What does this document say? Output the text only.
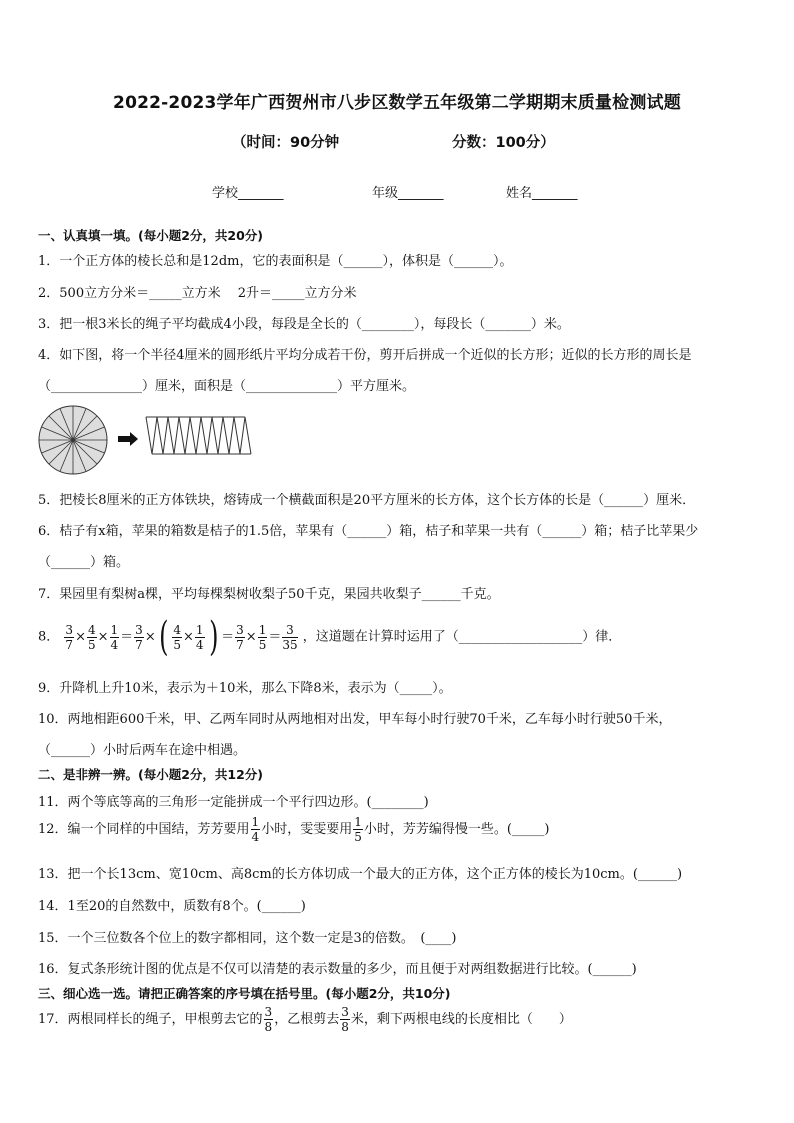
2022-2023学年广西贺州市八步区数学五年级第二学期期末质量检测试题
（时间：90分钟	分数：100分）
学校_______	年级_______	姓名_______
一、认真填一填。(每小题2分，共20分)
1．一个正方体的棱长总和是12dm，它的表面积是（______），体积是（______）。
2．500立方分米＝_____立方米　 2升＝_____立方分米
3．把一根3米长的绳子平均截成4小段，每段是全长的（________），每段长（_______）米。
4．如下图，将一个半径4厘米的圆形纸片平均分成若干份，剪开后拼成一个近似的长方形；近似的长方形的周长是
（______________）厘米，面积是（______________）平方厘米。
5．把棱长8厘米的正方体铁块，熔铸成一个横截面积是20平方厘米的长方体，这个长方体的长是（______）厘米．
6．桔子有x箱，苹果的箱数是桔子的1.5倍，苹果有（______）箱，桔子和苹果一共有（______）箱；桔子比苹果少
（______）箱。
7．果园里有梨树a棵，平均每棵梨树收梨子50千克，果园共收梨子______千克。
8． $\frac{3}{7} \times \frac{4}{5} \times \frac{1}{4} = \frac{3}{7}$ ×( $\frac{4}{5} \times \frac{1}{4}$ ) ＝ $\frac{3}{7} \times \frac{1}{5} = \frac{3}{35}$ ，这道题在计算时运用了（___________________）律．
9．升降机上升10米，表示为＋10米，那么下降8米，表示为（_____）。
10．两地相距600千米，甲、乙两车同时从两地相对出发，甲车每小时行驶70千米，乙车每小时行驶50千米，
（______）小时后两车在途中相遇。
二、是非辨一辨。(每小题2分，共12分)
11．两个等底等高的三角形一定能拼成一个平行四边形。(________)
12．编一个同样的中国结，芳芳要用 $\frac{1}{4}$ 小时，雯雯要用 $\frac{1}{5}$ 小时，芳芳编得慢一些。(_____)
13．把一个长13cm、宽10cm、高8cm的长方体切成一个最大的正方体，这个正方体的棱长为10cm。(______)
14．1至20的自然数中，质数有8个。(______)
15．一个三位数各个位上的数字都相同，这个数一定是3的倍数。　(____)
16．复式条形统计图的优点是不仅可以清楚的表示数量的多少，而且便于对两组数据进行比较。(______)
三、细心选一选。请把正确答案的序号填在括号里。(每小题2分，共10分)
17．两根同样长的绳子，甲根剪去它的 $\frac{3}{8}$ ，乙根剪去 $\frac{3}{8}$ 米，剩下两根电线的长度相比（　　）
